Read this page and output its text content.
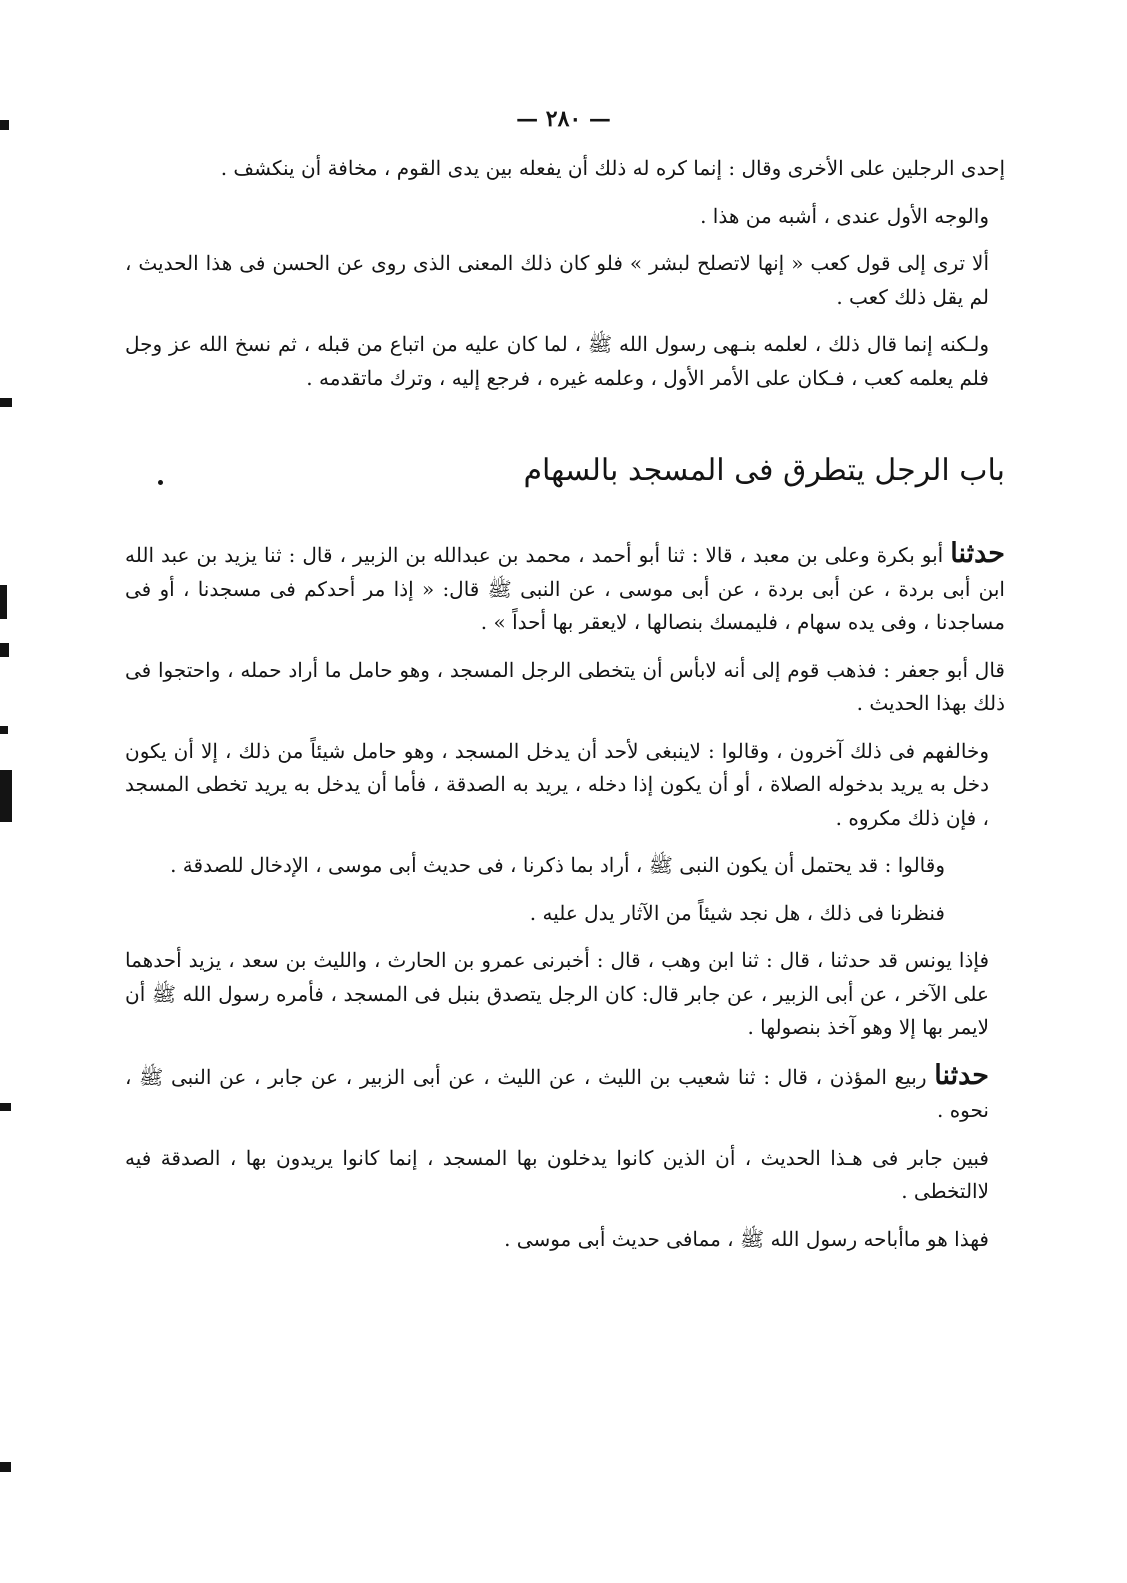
— ٢٨٠ —

إحدى الرجلين على الأخرى وقال : إنما كره له ذلك أن يفعله بين يدى القوم ، مخافة أن ينكشف .

والوجه الأول عندى ، أشبه من هذا .

ألا ترى إلى قول كعب « إنها لاتصلح لبشر » فلو كان ذلك المعنى الذى روى عن الحسن فى هذا الحديث ، لم يقل ذلك كعب .

ولـكنه إنما قال ذلك ، لعلمه بنـهى رسول الله ﷺ ، لما كان عليه من اتباع من قبله ، ثم نسخ الله عز وجل فلم يعلمه كعب ، فـكان على الأمر الأول ، وعلمه غيره ، فرجع إليه ، وترك ماتقدمه .

باب الرجل يتطرق فى المسجد بالسهام

حدثنا أبو بكرة وعلى بن معبد ، قالا : ثنا أبو أحمد ، محمد بن عبدالله بن الزبير ، قال : ثنا يزيد بن عبد الله ابن أبى بردة ، عن أبى بردة ، عن أبى موسى ، عن النبى ﷺ قال: « إذا مر أحدكم فى مسجدنا ، أو فى مساجدنا ، وفى يده سهام ، فليمسك بنصالها ، لايعقر بها أحداً » .

قال أبو جعفر : فذهب قوم إلى أنه لابأس أن يتخطى الرجل المسجد ، وهو حامل ما أراد حمله ، واحتجوا فى ذلك بهذا الحديث .

وخالفهم فى ذلك آخرون ، وقالوا : لاينبغى لأحد أن يدخل المسجد ، وهو حامل شيئاً من ذلك ، إلا أن يكون دخل به يريد بدخوله الصلاة ، أو أن يكون إذا دخله ، يريد به الصدقة ، فأما أن يدخل به يريد تخطى المسجد ، فإن ذلك مكروه .

وقالوا : قد يحتمل أن يكون النبى ﷺ ، أراد بما ذكرنا ، فى حديث أبى موسى ، الإدخال للصدقة .

فنظرنا فى ذلك ، هل نجد شيئاً من الآثار يدل عليه .

فإذا يونس قد حدثنا ، قال : ثنا ابن وهب ، قال : أخبرنى عمرو بن الحارث ، والليث بن سعد ، يزيد أحدهما على الآخر ، عن أبى الزبير ، عن جابر قال: كان الرجل يتصدق بنبل فى المسجد ، فأمره رسول الله ﷺ أن لايمر بها إلا وهو آخذ بنصولها .

حدثنا ربيع المؤذن ، قال : ثنا شعيب بن الليث ، عن الليث ، عن أبى الزبير ، عن جابر ، عن النبى ﷺ ، نحوه .

فبين جابر فى هـذا الحديث ، أن الذين كانوا يدخلون بها المسجد ، إنما كانوا يريدون بها ، الصدقة فيه لاالتخطى .

فهذا هو ماأباحه رسول الله ﷺ ، ممافى حديث أبى موسى .
